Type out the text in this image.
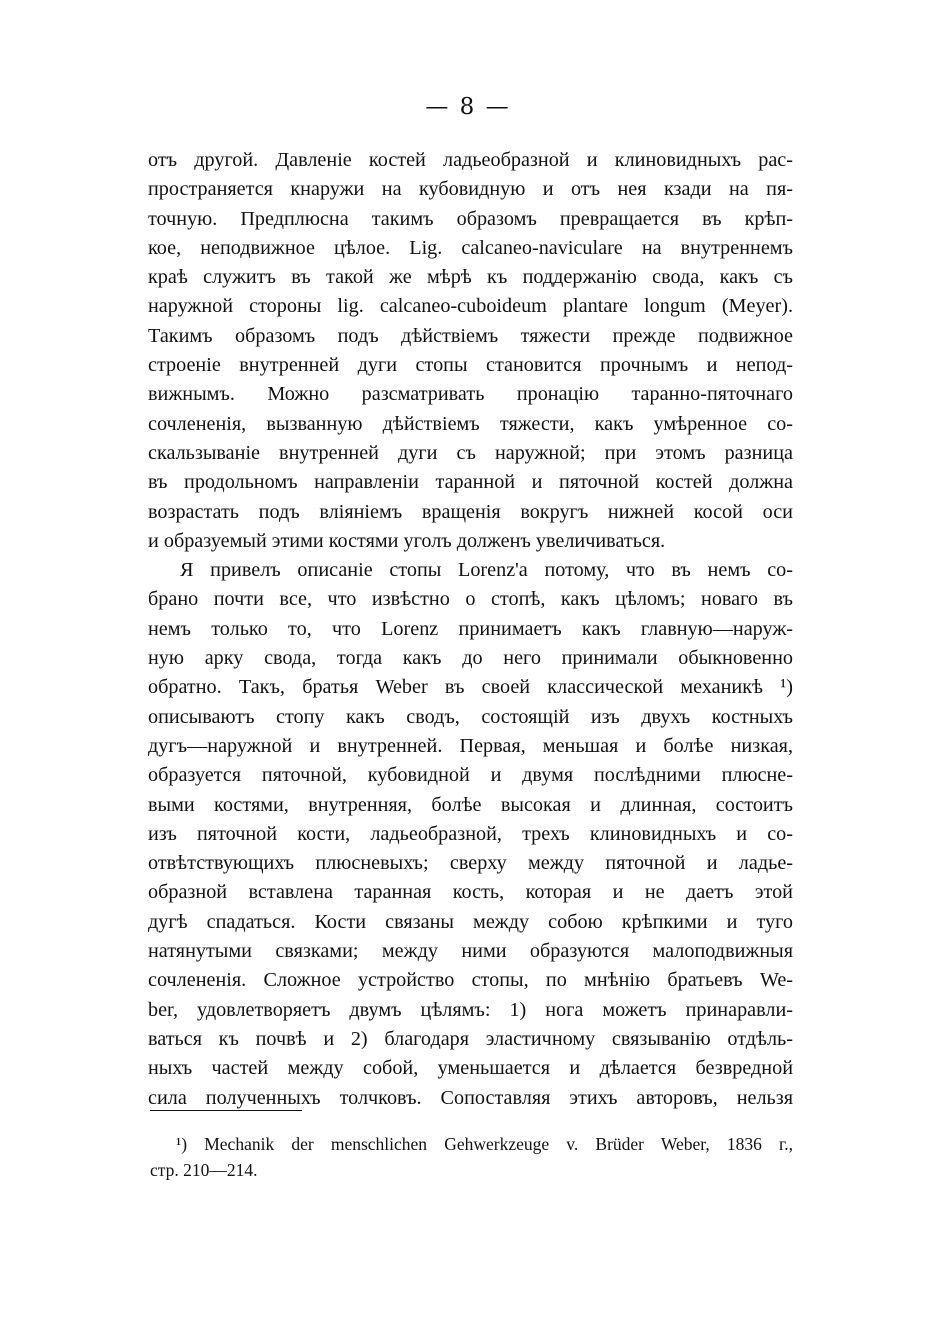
— 8 —
отъ другой. Давленіе костей ладьеобразной и клиновидныхъ рас-
пространяется кнаружи на кубовидную и отъ нея кзади на пя-
точную. Предплюсна такимъ образомъ превращается въ крѣп-
кое, неподвижное цѣлое. Lig. calcaneo-naviculare на внутреннемъ
краѣ служитъ въ такой же мѣрѣ къ поддержанію свода, какъ съ
наружной стороны lig. calcaneo-cuboideum plantare longum (Meyer).
Такимъ образомъ подъ дѣйствіемъ тяжести прежде подвижное
строеніе внутренней дуги стопы становится прочнымъ и непод-
вижнымъ. Можно разсматривать пронацію таранно-пяточнаго
сочлененія, вызванную дѣйствіемъ тяжести, какъ умѣренное со-
скальзываніе внутренней дуги съ наружной; при этомъ разница
въ продольномъ направленіи таранной и пяточной костей должна
возрастать подъ вліяніемъ вращенія вокругъ нижней косой оси
и образуемый этими костями уголъ долженъ увеличиваться.
Я привелъ описаніе стопы Lorenz'а потому, что въ немъ со-
брано почти все, что извѣстно о стопѣ, какъ цѣломъ; новаго въ
немъ только то, что Lorenz принимаетъ какъ главную—наруж-
ную арку свода, тогда какъ до него принимали обыкновенно
обратно. Такъ, братья Weber въ своей классической механикѣ ¹)
описываютъ стопу какъ сводъ, состоящій изъ двухъ костныхъ
дугъ—наружной и внутренней. Первая, меньшая и болѣе низкая,
образуется пяточной, кубовидной и двумя послѣдними плюсне-
выми костями, внутренняя, болѣе высокая и длинная, состоитъ
изъ пяточной кости, ладьеобразной, трехъ клиновидныхъ и со-
отвѣтствующихъ плюсневыхъ; сверху между пяточной и ладье-
образной вставлена таранная кость, которая и не даетъ этой
дугѣ спадаться. Кости связаны между собою крѣпкими и туго
натянутыми связками; между ними образуются малоподвижныя
сочлененія. Сложное устройство стопы, по мнѣнію братьевъ We-
ber, удовлетворяетъ двумъ цѣлямъ: 1) нога можетъ принаравли-
ваться къ почвѣ и 2) благодаря эластичному связыванію отдѣль-
ныхъ частей между собой, уменьшается и дѣлается безвредной
сила полученныхъ толчковъ. Сопоставляя этихъ авторовъ, нельзя
¹) Mechanik der menschlichen Gehwerkzeuge v. Brüder Weber, 1836 г.,
стр. 210—214.
